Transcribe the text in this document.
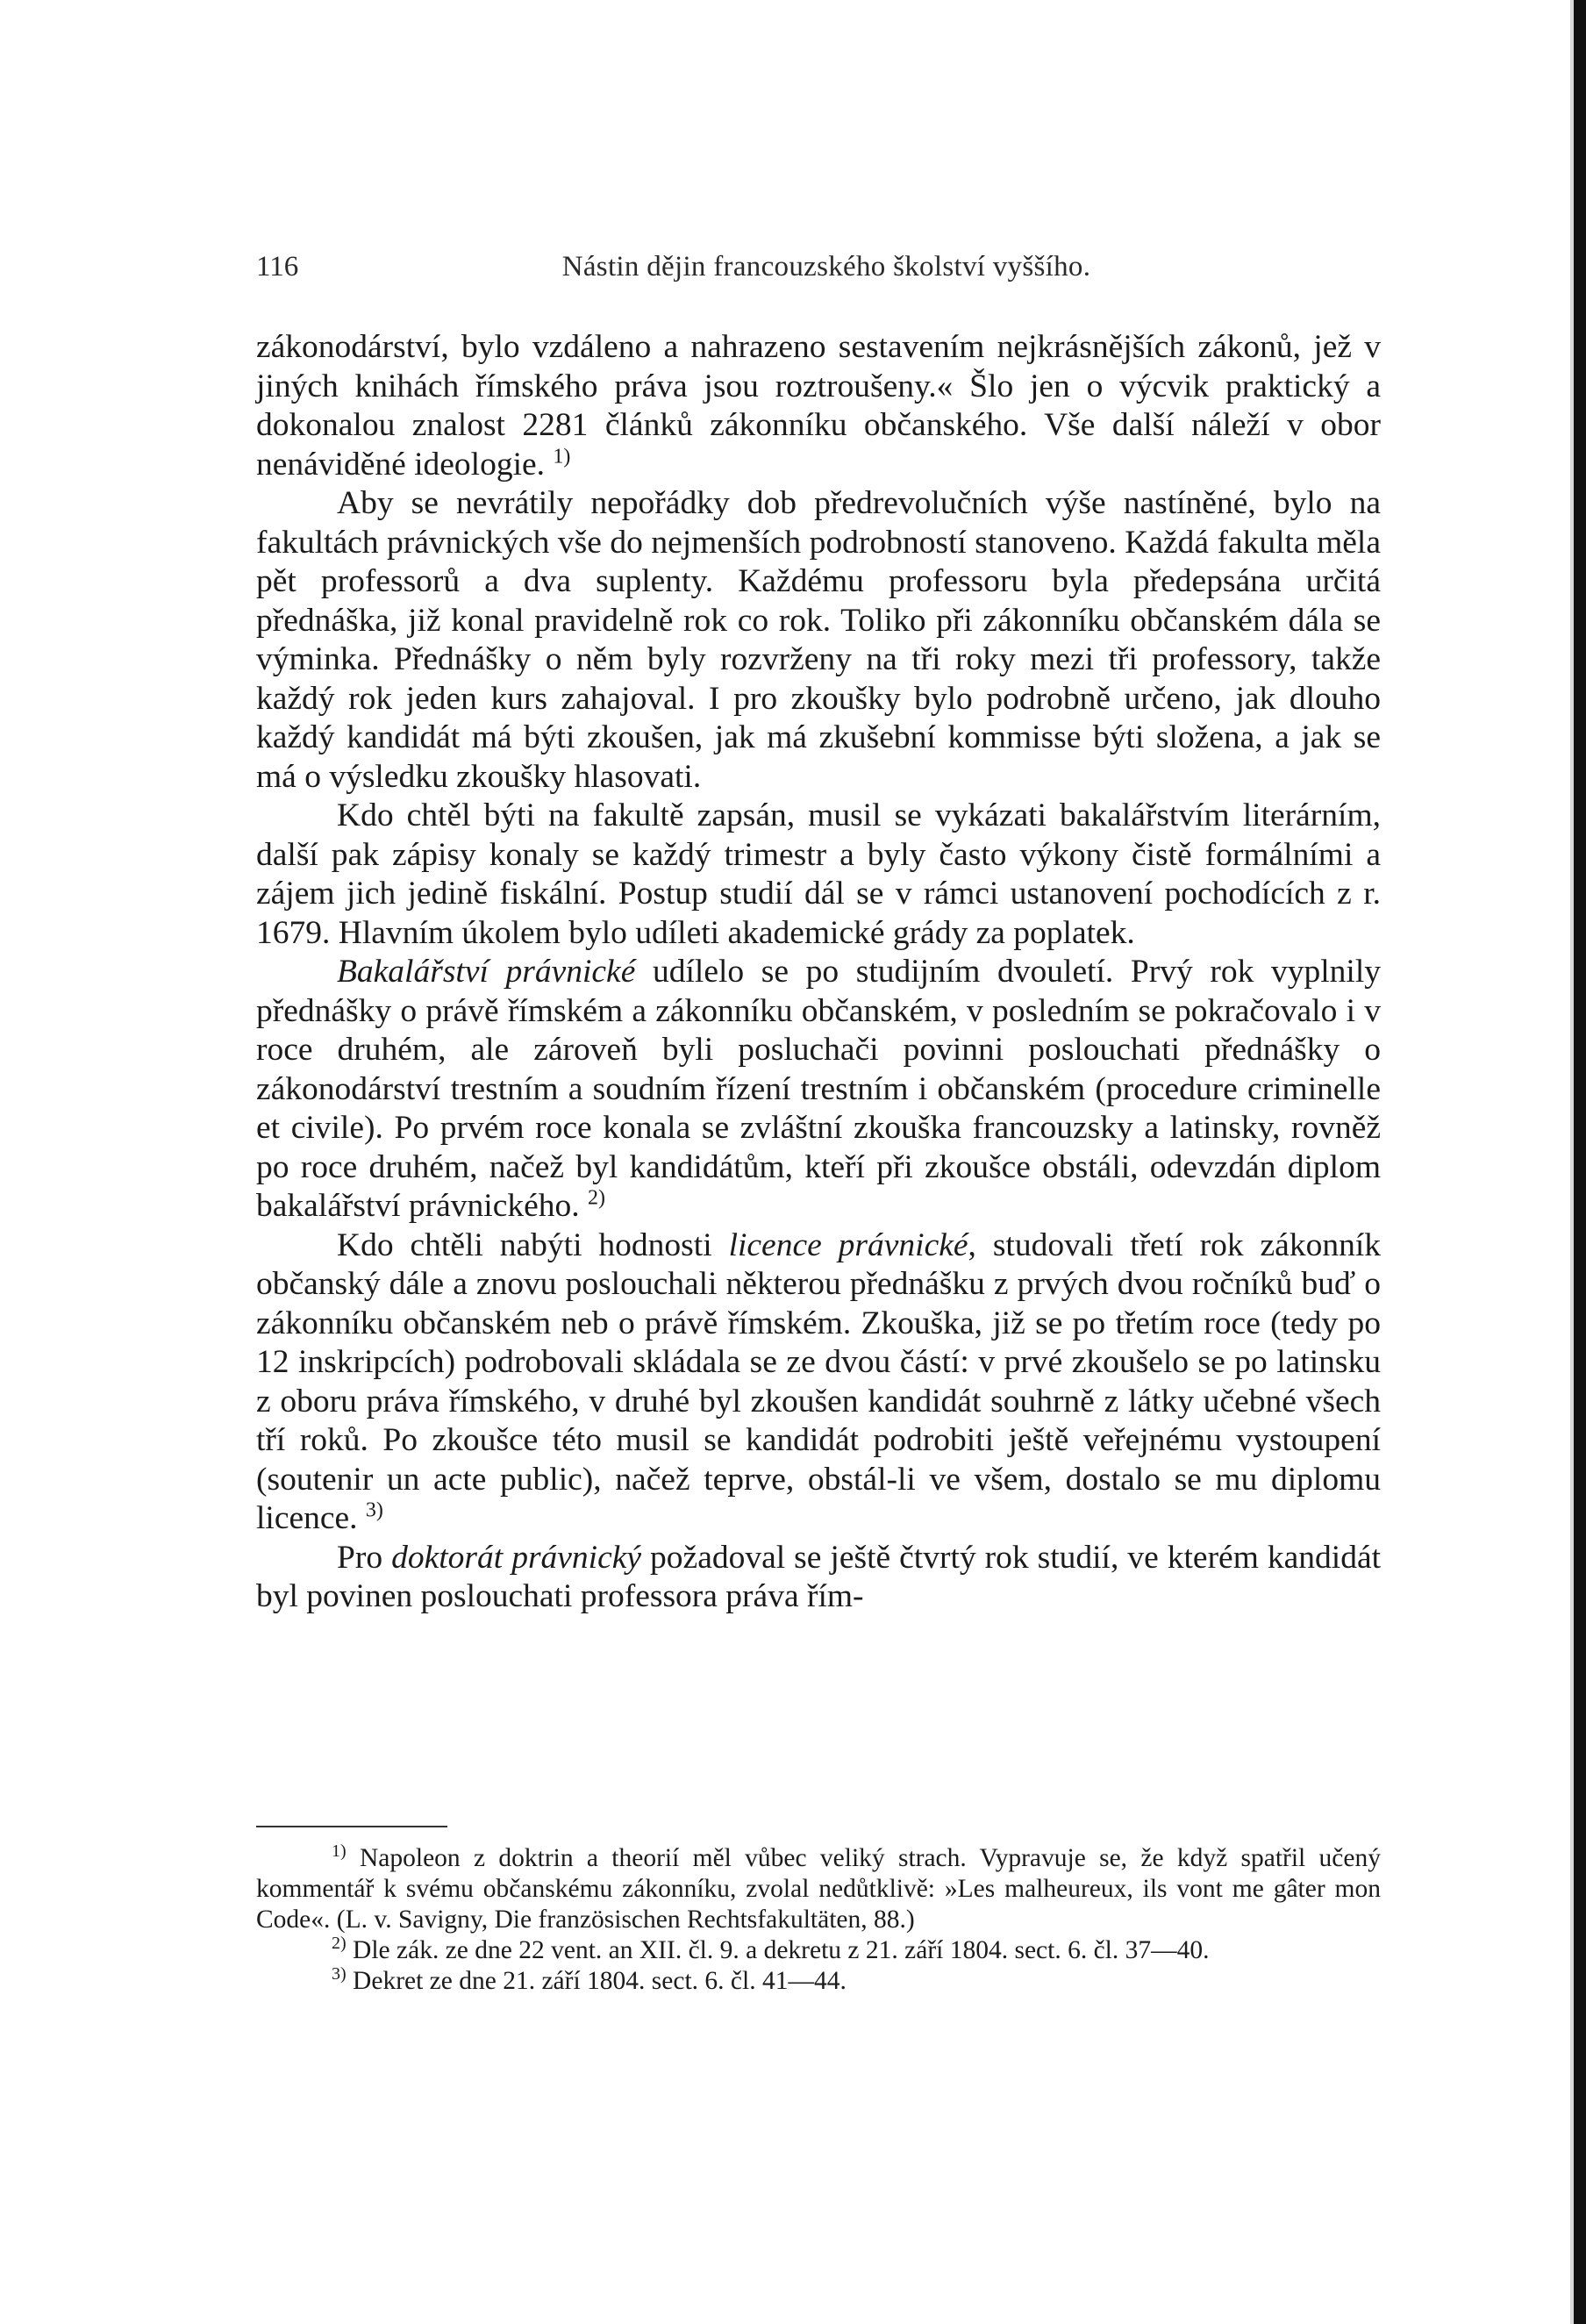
116	Nástin dějin francouzského školství vyššího.

zákonodárství, bylo vzdáleno a nahrazeno sestavením nejkrásnějších zákonů, jež v jiných knihách římského práva jsou roztroušeny.« Šlo jen o výcvik praktický a dokonalou znalost 2281 článků zákonníku občanského. Vše další náleží v obor nenáviděné ideologie. $^{1)}$

Aby se nevrátily nepořádky dob předrevolučních výše nastíněné, bylo na fakultách právnických vše do nejmenších podrobností stanoveno. Každá fakulta měla pět professorů a dva suplenty. Každému professoru byla předepsána určitá přednáška, již konal pravidelně rok co rok. Toliko při zákonníku občanském dála se výminka. Přednášky o něm byly rozvrženy na tři roky mezi tři professory, takže každý rok jeden kurs zahajoval. I pro zkoušky bylo podrobně určeno, jak dlouho každý kandidát má býti zkoušen, jak má zkušební kommisse býti složena, a jak se má o výsledku zkoušky hlasovati.

Kdo chtěl býti na fakultě zapsán, musil se vykázati bakalářstvím literárním, další pak zápisy konaly se každý trimestr a byly často výkony čistě formálními a zájem jich jedině fiskální. Postup studií dál se v rámci ustanovení pochodících z r. 1679. Hlavním úkolem bylo udíleti akademické grády za poplatek.

Bakalářství právnické udílelo se po studijním dvouletí. Prvý rok vyplnily přednášky o právě římském a zákonníku občanském, v posledním se pokračovalo i v roce druhém, ale zároveň byli posluchači povinni poslouchati přednášky o zákonodárství trestním a soudním řízení trestním i občanském (procedure criminelle et civile). Po prvém roce konala se zvláštní zkouška francouzsky a latinsky, rovněž po roce druhém, načež byl kandidátům, kteří při zkoušce obstáli, odevzdán diplom bakalářství právnického. $^{2)}$

Kdo chtěli nabýti hodnosti licence právnické, studovali třetí rok zákonník občanský dále a znovu poslouchali některou přednášku z prvých dvou ročníků buď o zákonníku občanském neb o právě římském. Zkouška, již se po třetím roce (tedy po 12 inskripcích) podrobovali skládala se ze dvou částí: v prvé zkoušelo se po latinsku z oboru práva římského, v druhé byl zkoušen kandidát souhrně z látky učebné všech tří roků. Po zkoušce této musil se kandidát podrobiti ještě veřejnému vystoupení (soutenir un acte public), načež teprve, obstál-li ve všem, dostalo se mu diplomu licence. $^{3)}$

Pro doktorát právnický požadoval se ještě čtvrtý rok studií, ve kterém kandidát byl povinen poslouchati professora práva řím-

$^{1)}$ Napoleon z doktrin a theorií měl vůbec veliký strach. Vypravuje se, že když spatřil učený kommentář k svému občanskému zákonníku, zvolal nedůtklivě: »Les malheureux, ils vont me gâter mon Code«. (L. v. Savigny, Die französischen Rechtsfakultäten, 88.)

$^{2)}$ Dle zák. ze dne 22 vent. an XII. čl. 9. a dekretu z 21. září 1804. sect. 6. čl. 37—40.

$^{3)}$ Dekret ze dne 21. září 1804. sect. 6. čl. 41—44.
